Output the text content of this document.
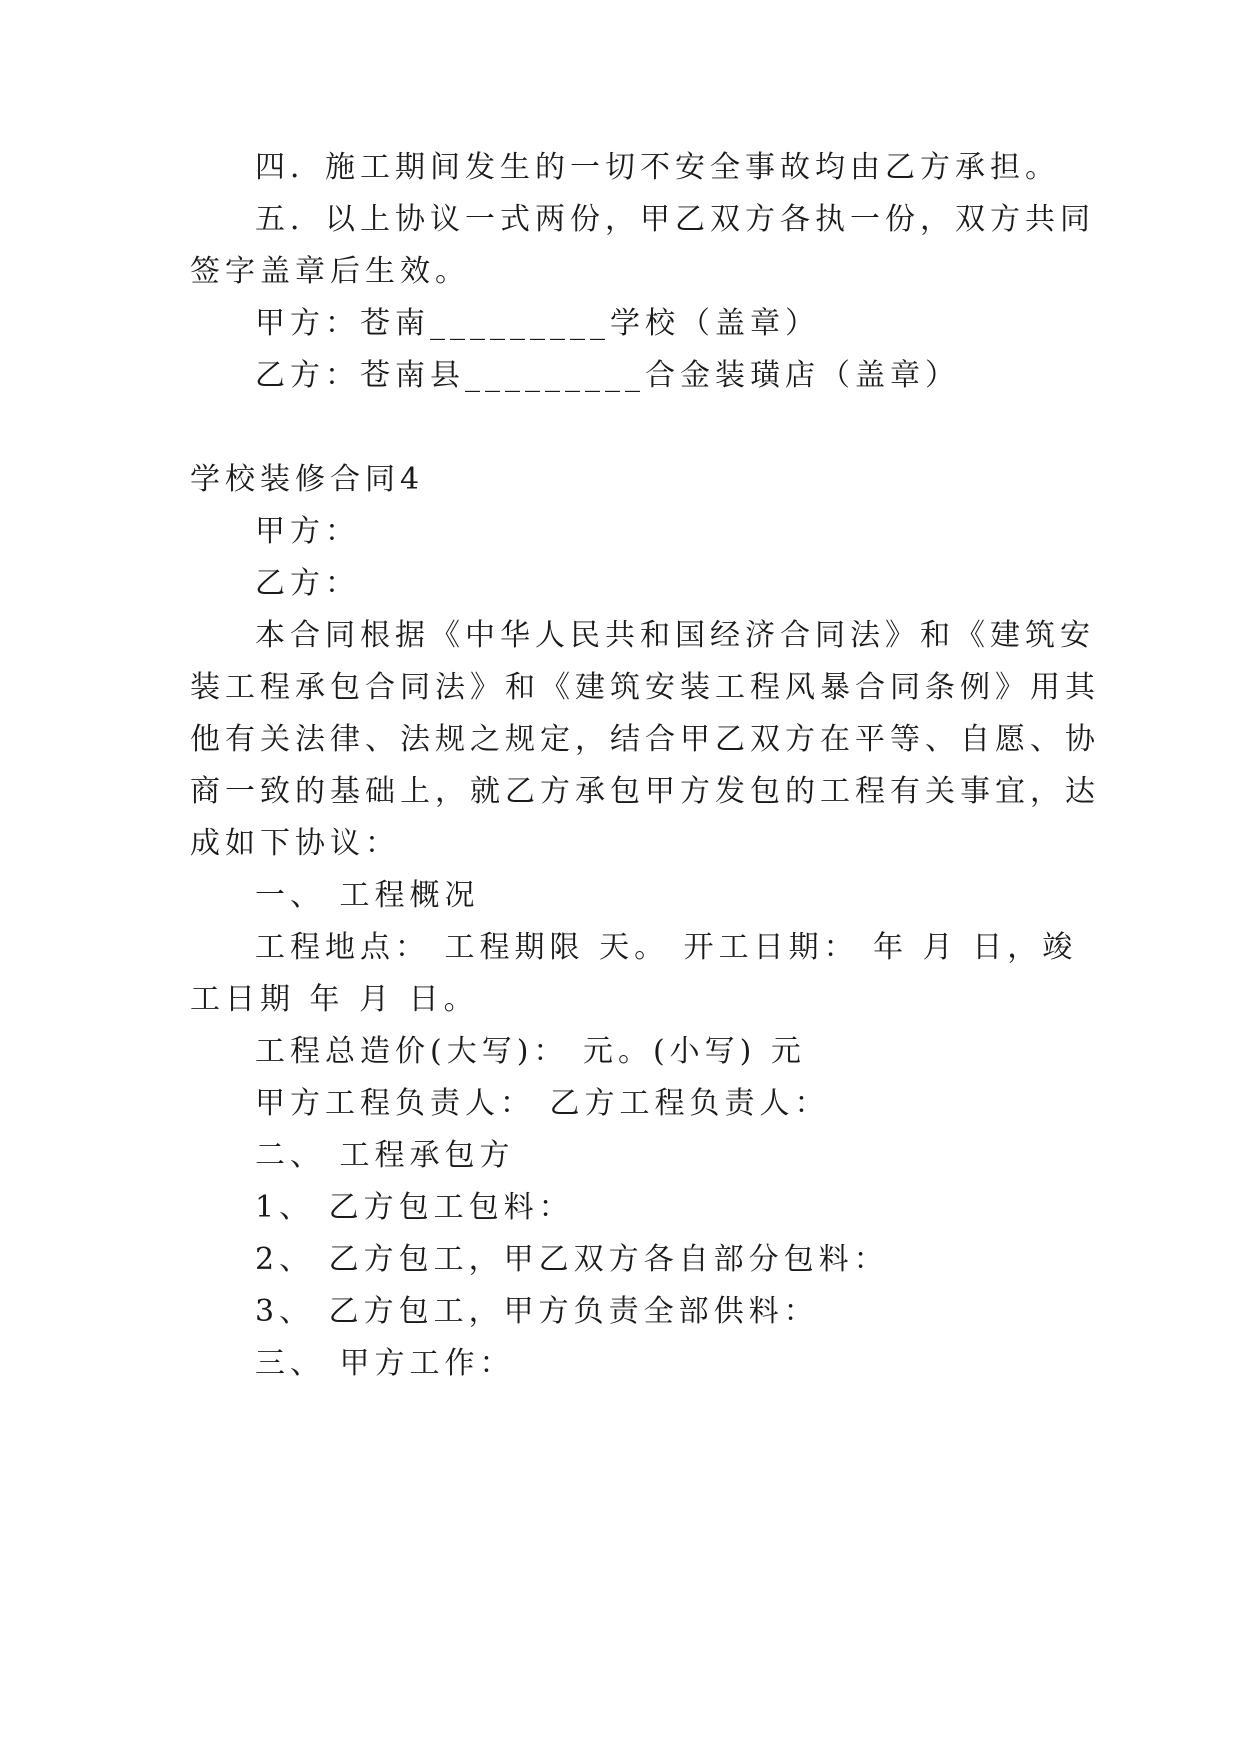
四．施工期间发生的一切不安全事故均由乙方承担。

五．以上协议一式两份，甲乙双方各执一份，双方共同

签字盖章后生效。

甲方：苍南_________学校（盖章）

乙方：苍南县_________合金装璜店（盖章）

学校装修合同4

甲方：

乙方：

本合同根据《中华人民共和国经济合同法》和《建筑安

装工程承包合同法》和《建筑安装工程风暴合同条例》用其

他有关法律、法规之规定，结合甲乙双方在平等、自愿、协

商一致的基础上，就乙方承包甲方发包的工程有关事宜，达

成如下协议：

一、 工程概况

工程地点： 工程期限 天。 开工日期： 年 月 日，竣

工日期 年 月 日。

工程总造价(大写)： 元。(小写) 元

甲方工程负责人： 乙方工程负责人：

二、 工程承包方

1、 乙方包工包料：

2、 乙方包工，甲乙双方各自部分包料：

3、 乙方包工，甲方负责全部供料：

三、 甲方工作：
